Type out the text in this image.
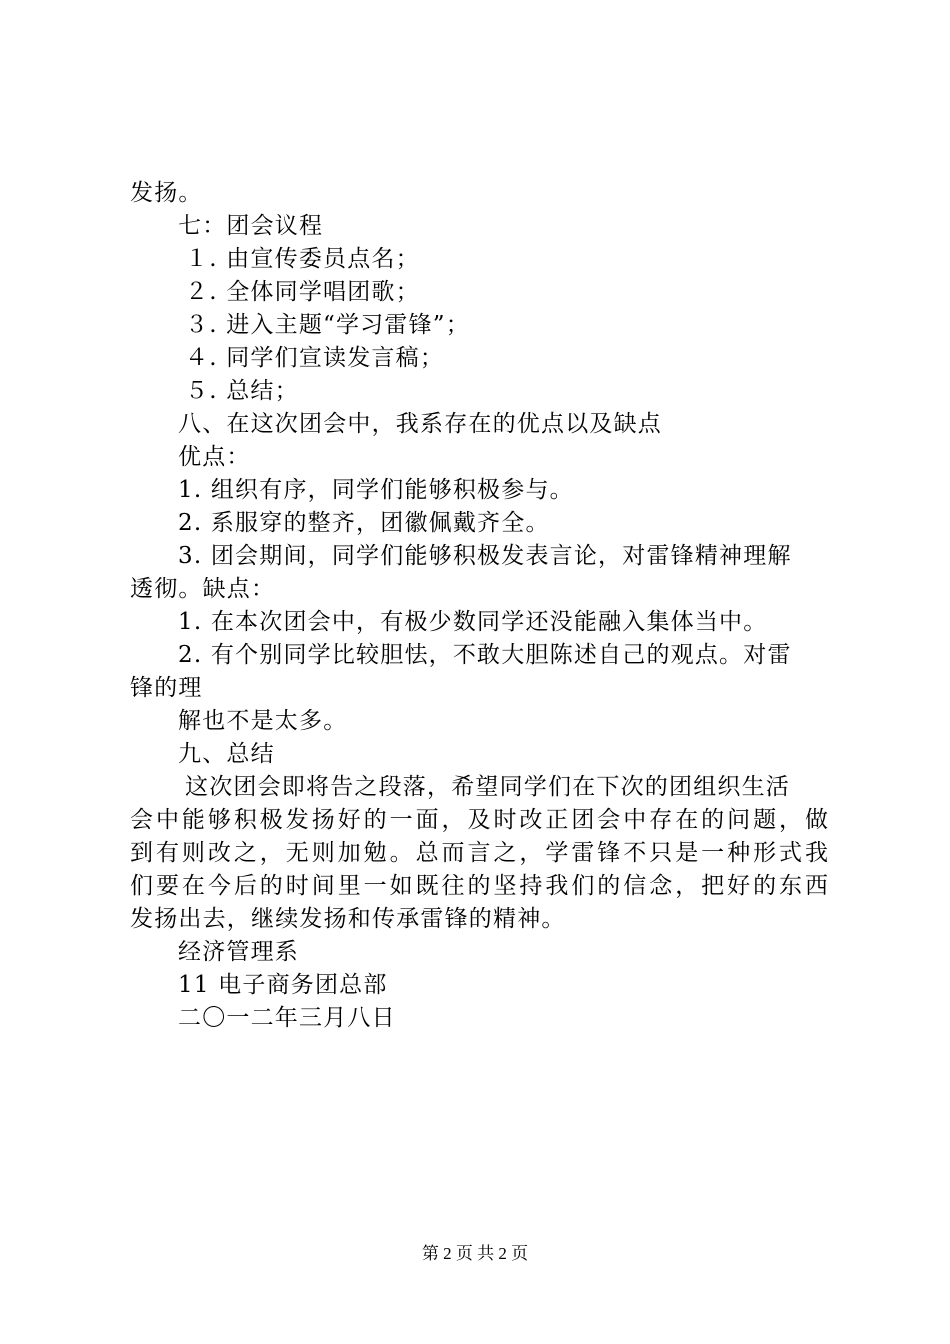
发扬。
七：团会议程
１. 由宣传委员点名；
２. 全体同学唱团歌；
３. 进入主题“学习雷锋”；
４. 同学们宣读发言稿；
５. 总结；
八、在这次团会中，我系存在的优点以及缺点
优点：
1. 组织有序，同学们能够积极参与。
2. 系服穿的整齐，团徽佩戴齐全。
3. 团会期间，同学们能够积极发表言论，对雷锋精神理解
透彻。缺点：
1. 在本次团会中，有极少数同学还没能融入集体当中。
2. 有个别同学比较胆怯，不敢大胆陈述自己的观点。对雷
锋的理
解也不是太多。
九、总结
这次团会即将告之段落，希望同学们在下次的团组织生活
会中能够积极发扬好的一面，及时改正团会中存在的问题，做
到有则改之，无则加勉。总而言之，学雷锋不只是一种形式我
们要在今后的时间里一如既往的坚持我们的信念，把好的东西
发扬出去，继续发扬和传承雷锋的精神。
经济管理系
11 电子商务团总部
二〇一二年三月八日
第 2 页 共 2 页
